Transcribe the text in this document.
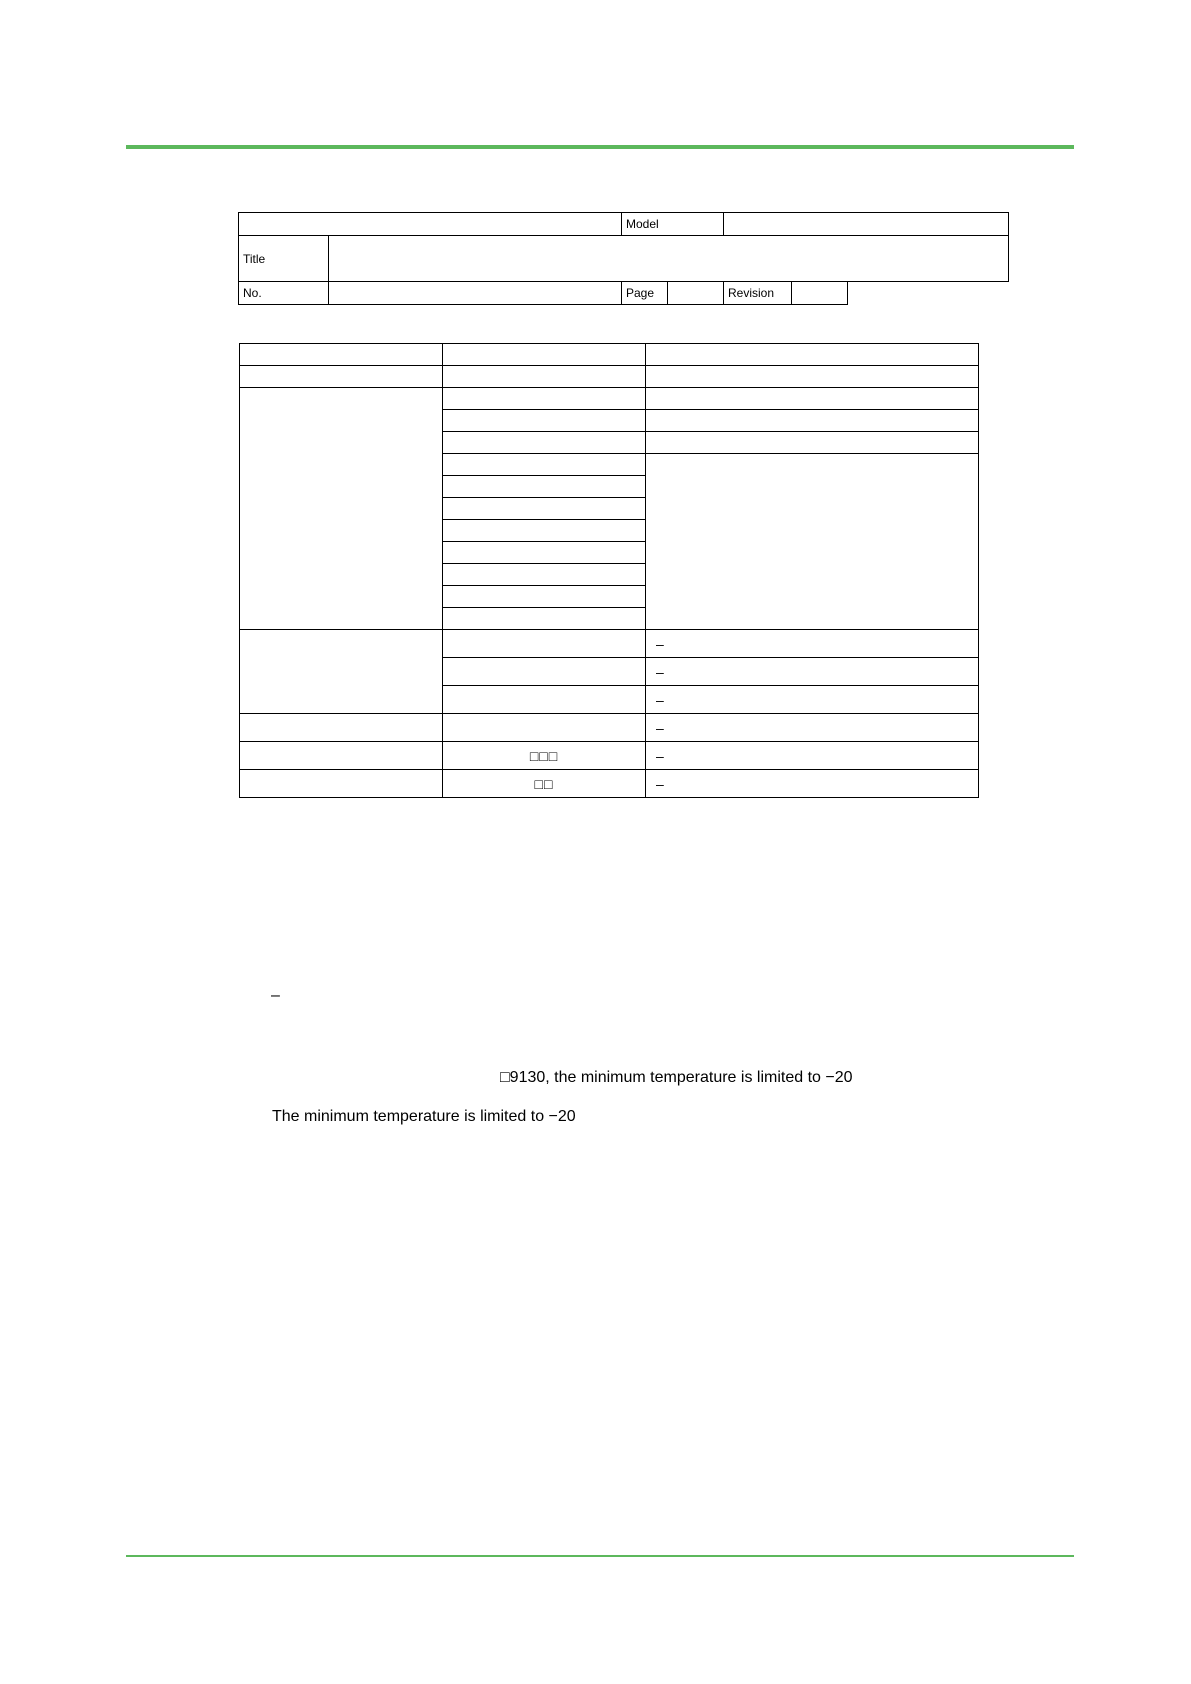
		Model				
Title						
No.		Page		Revision		

		–
		–
		–
		–
	□□□	–
	□□	–
–
□9130, the minimum temperature is limited to −20
The minimum temperature is limited to −20
